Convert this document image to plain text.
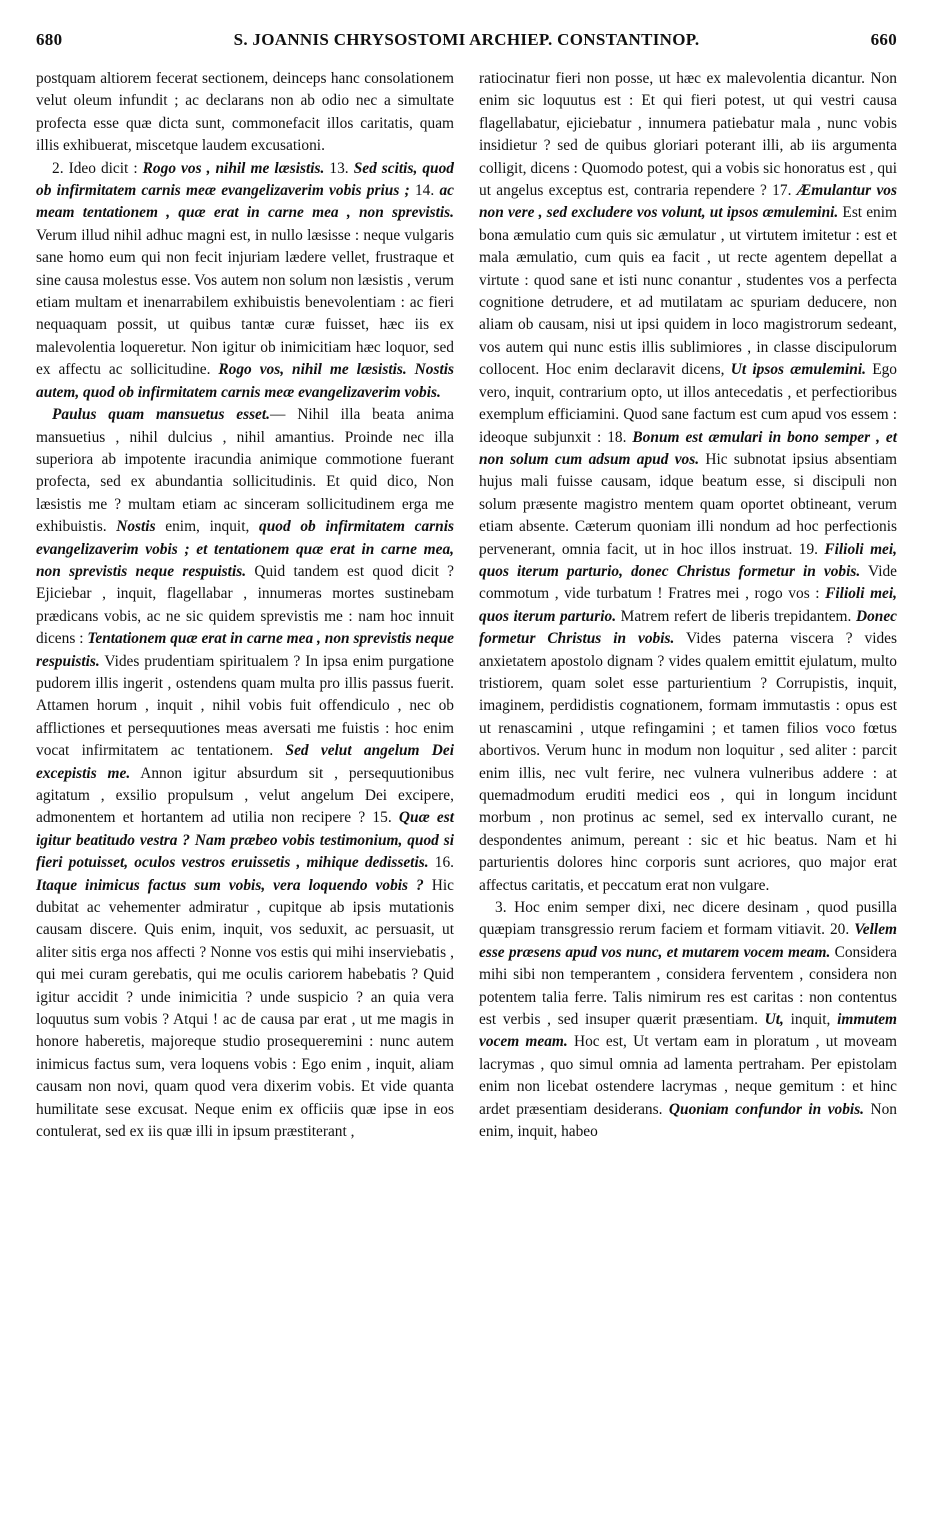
680	S. JOANNIS CHRYSOSTOMI ARCHIEP. CONSTANTINOP.	660

postquam altiorem fecerat sectionem, deinceps hanc consolationem velut oleum infundit ; ac declarans non ab odio nec a simultate profecta esse quæ dicta sunt, commonefacit illos caritatis, quam illis exhibuerat, miscetque laudem excusationi.

2. Ideo dicit : Rogo vos , nihil me læsistis. 13. Sed scitis, quod ob infirmitatem carnis meæ evangelizaverim vobis prius ; 14. ac meam tentationem , quæ erat in carne mea , non sprevistis. Verum illud nihil adhuc magni est, in nullo læsisse : neque vulgaris sane homo eum qui non fecit injuriam lædere vellet, frustraque et sine causa molestus esse. Vos autem non solum non læsistis , verum etiam multam et inenarrabilem exhibuistis benevolentiam : ac fieri nequaquam possit, ut quibus tantæ curæ fuisset, hæc iis ex malevolentia loqueretur. Non igitur ob inimicitiam hæc loquor, sed ex affectu ac sollicitudine. Rogo vos, nihil me læsistis. Nostis autem, quod ob infirmitatem carnis meæ evangelizaverim vobis.

Paulus quam mansuetus esset.— Nihil illa beata anima mansuetius , nihil dulcius , nihil amantius. Proinde nec illa superiora ab impotente iracundia animique commotione fuerant profecta, sed ex abundantia sollicitudinis. Et quid dico, Non læsistis me ? multam etiam ac sinceram sollicitudinem erga me exhibuistis. Nostis enim, inquit, quod ob infirmitatem carnis evangelizaverim vobis ; et tentationem quæ erat in carne mea, non sprevistis neque respuistis. Quid tandem est quod dicit ? Ejiciebar , inquit, flagellabar , innumeras mortes sustinebam prædicans vobis, ac ne sic quidem sprevistis me : nam hoc innuit dicens : Tentationem quæ erat in carne mea , non sprevistis neque respuistis. Vides prudentiam spiritualem ? In ipsa enim purgatione pudorem illis ingerit , ostendens quam multa pro illis passus fuerit. Attamen horum , inquit , nihil vobis fuit offendiculo , nec ob afflictiones et persequutiones meas aversati me fuistis : hoc enim vocat infirmitatem ac tentationem. Sed velut angelum Dei excepistis me. Annon igitur absurdum sit , persequutionibus agitatum , exsilio propulsum , velut angelum Dei excipere, admonentem et hortantem ad utilia non recipere ? 15. Quæ est igitur beatitudo vestra ? Nam præbeo vobis testimonium, quod si fieri potuisset, oculos vestros eruissetis , mihique dedissetis. 16. Itaque inimicus factus sum vobis, vera loquendo vobis ? Hic dubitat ac vehementer admiratur , cupitque ab ipsis mutationis causam discere. Quis enim, inquit, vos seduxit, ac persuasit, ut aliter sitis erga nos affecti ? Nonne vos estis qui mihi inserviebatis , qui mei curam gerebatis, qui me oculis cariorem habebatis ? Quid igitur accidit ? unde inimicitia ? unde suspicio ? an quia vera loquutus sum vobis ? Atqui ! ac de causa par erat , ut me magis in honore haberetis, majoreque studio prosequeremini : nunc autem inimicus factus sum, vera loquens vobis : Ego enim , inquit, aliam causam non novi, quam quod vera dixerim vobis. Et vide quanta humilitate sese excusat. Neque enim ex officiis quæ ipse in eos contulerat, sed ex iis quæ illi in ipsum præstiterant ,

ratiocinatur fieri non posse, ut hæc ex malevolentia dicantur. Non enim sic loquutus est : Et qui fieri potest, ut qui vestri causa flagellabatur, ejiciebatur , innumera patiebatur mala , nunc vobis insidietur ? sed de quibus gloriari poterant illi, ab iis argumenta colligit, dicens : Quomodo potest, qui a vobis sic honoratus est , qui ut angelus exceptus est, contraria rependere ? 17. Æmulantur vos non vere , sed excludere vos volunt, ut ipsos æmulemini. Est enim bona æmulatio cum quis sic æmulatur , ut virtutem imitetur : est et mala æmulatio, cum quis ea facit , ut recte agentem depellat a virtute : quod sane et isti nunc conantur , studentes vos a perfecta cognitione detrudere, et ad mutilatam ac spuriam deducere, non aliam ob causam, nisi ut ipsi quidem in loco magistrorum sedeant, vos autem qui nunc estis illis sublimiores , in classe discipulorum collocent. Hoc enim declaravit dicens, Ut ipsos æmulemini. Ego vero, inquit, contrarium opto, ut illos antecedatis , et perfectioribus exemplum efficiamini. Quod sane factum est cum apud vos essem : ideoque subjunxit : 18. Bonum est æmulari in bono semper , et non solum cum adsum apud vos. Hic subnotat ipsius absentiam hujus mali fuisse causam, idque beatum esse, si discipuli non solum præsente magistro mentem quam oportet obtineant, verum etiam absente. Cæterum quoniam illi nondum ad hoc perfectionis pervenerant, omnia facit, ut in hoc illos instruat. 19. Filioli mei, quos iterum parturio, donec Christus formetur in vobis. Vide commotum , vide turbatum ! Fratres mei , rogo vos : Filioli mei, quos iterum parturio. Matrem refert de liberis trepidantem. Donec formetur Christus in vobis. Vides paterna viscera ? vides anxietatem apostolo dignam ? vides qualem emittit ejulatum, multo tristiorem, quam solet esse parturientium ? Corrupistis, inquit, imaginem, perdidistis cognationem, formam immutastis : opus est ut renascamini , utque refingamini ; et tamen filios voco fœtus abortivos. Verum hunc in modum non loquitur , sed aliter : parcit enim illis, nec vult ferire, nec vulnera vulneribus addere : at quemadmodum eruditi medici eos , qui in longum incidunt morbum , non protinus ac semel, sed ex intervallo curant, ne despondentes animum, pereant : sic et hic beatus. Nam et hi parturientis dolores hinc corporis sunt acriores, quo major erat affectus caritatis, et peccatum erat non vulgare.

3. Hoc enim semper dixi, nec dicere desinam , quod pusilla quæpiam transgressio rerum faciem et formam vitiavit. 20. Vellem esse præsens apud vos nunc, et mutarem vocem meam. Considera mihi sibi non temperantem , considera ferventem , considera non potentem talia ferre. Talis nimirum res est caritas : non contentus est verbis , sed insuper quærit præsentiam. Ut, inquit, immutem vocem meam. Hoc est, Ut vertam eam in ploratum , ut moveam lacrymas , quo simul omnia ad lamenta pertraham. Per epistolam enim non licebat ostendere lacrymas , neque gemitum : et hinc ardet præsentiam desiderans. Quoniam confundor in vobis. Non enim, inquit, habeo
